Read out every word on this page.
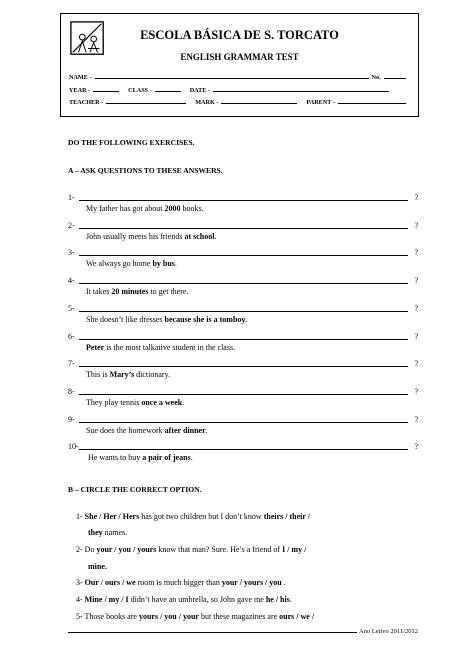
ESCOLA BÁSICA DE S. TORCATO
ENGLISH GRAMMAR TEST
NAME -	No.
YEAR -	CLASS -	DATE -
TEACHER -	MARK -	PARENT -
DO THE FOLLOWING EXERCISES.
A – ASK QUESTIONS TO THESE ANSWERS.
1-	?
My father has got about 2000 books.
2-	?
John usually meets his friends at school.
3-	?
We always go home by bus.
4-	?
It takes 20 minutes to get there.
5-	?
She doesn’t like dresses because she is a tomboy.
6-	?
Peter is the most talkative student in the class.
7-	?
This is Mary’s dictionary.
8-	?
They play tennis once a week.
9-	?
Sue does the homework after dinner.
10-	?
He wants to buy a pair of jeans.
B – CIRCLE THE CORRECT OPTION.
1- She / Her / Hers has got two children but I don’t know theirs / their /
they names.
2- Do your / you / yours know that man? Sure. He’s a friend of I / my /
mine.
3- Our / ours / we room is much bigger than your / yours / you .
4- Mine / my / I didn’t have an umbrella, so John gave me he / his.
5- Those books are yours / you / your but these magazines are ours / we /
Ano Letivo 2011/2012
